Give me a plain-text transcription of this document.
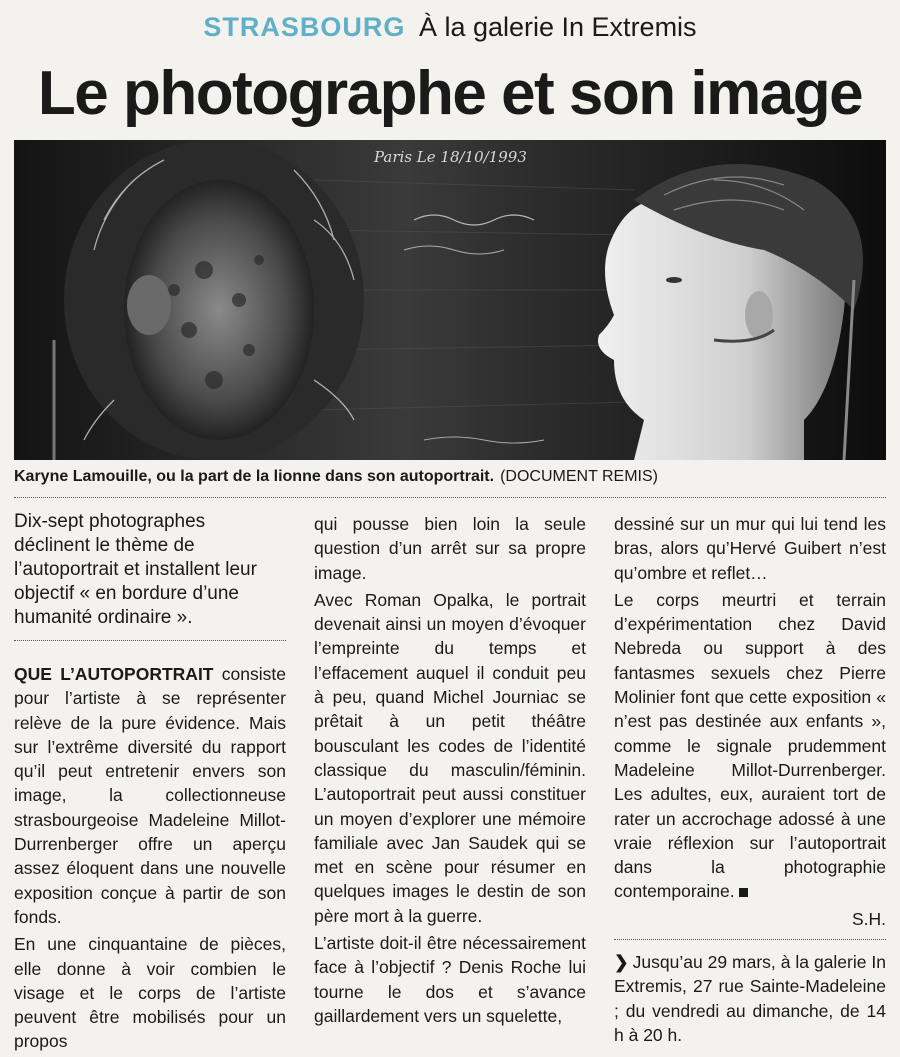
STRASBOURG À la galerie In Extremis
Le photographe et son image
Paris Le 18/10/1993
Karyne Lamouille, ou la part de la lionne dans son autoportrait. (DOCUMENT REMIS)
Dix-sept photographes déclinent le thème de l’autoportrait et installent leur objectif « en bordure d’une humanité ordinaire ».

QUE L’AUTOPORTRAIT consiste pour l’artiste à se représenter relève de la pure évidence. Mais sur l’extrême diversité du rapport qu’il peut entretenir envers son image, la collectionneuse strasbourgeoise Madeleine Millot-Durrenberger offre un aperçu assez éloquent dans une nouvelle exposition conçue à partir de son fonds.

En une cinquantaine de pièces, elle donne à voir combien le visage et le corps de l’artiste peuvent être mobilisés pour un propos

qui pousse bien loin la seule question d’un arrêt sur sa propre image.

Avec Roman Opalka, le portrait devenait ainsi un moyen d’évoquer l’empreinte du temps et l’effacement auquel il conduit peu à peu, quand Michel Journiac se prêtait à un petit théâtre bousculant les codes de l’identité classique du masculin/féminin. L’autoportrait peut aussi constituer un moyen d’explorer une mémoire familiale avec Jan Saudek qui se met en scène pour résumer en quelques images le destin de son père mort à la guerre.

L’artiste doit-il être nécessairement face à l’objectif ? Denis Roche lui tourne le dos et s’avance gaillardement vers un squelette,

dessiné sur un mur qui lui tend les bras, alors qu’Hervé Guibert n’est qu’ombre et reflet…

Le corps meurtri et terrain d’expérimentation chez David Nebreda ou support à des fantasmes sexuels chez Pierre Molinier font que cette exposition « n’est pas destinée aux enfants », comme le signale prudemment Madeleine Millot-Durrenberger. Les adultes, eux, auraient tort de rater un accrochage adossé à une vraie réflexion sur l’autoportrait dans la photographie contemporaine.

S.H.
❯ Jusqu’au 29 mars, à la galerie In Extremis, 27 rue Sainte-Madeleine ; du vendredi au dimanche, de 14 h à 20 h.
